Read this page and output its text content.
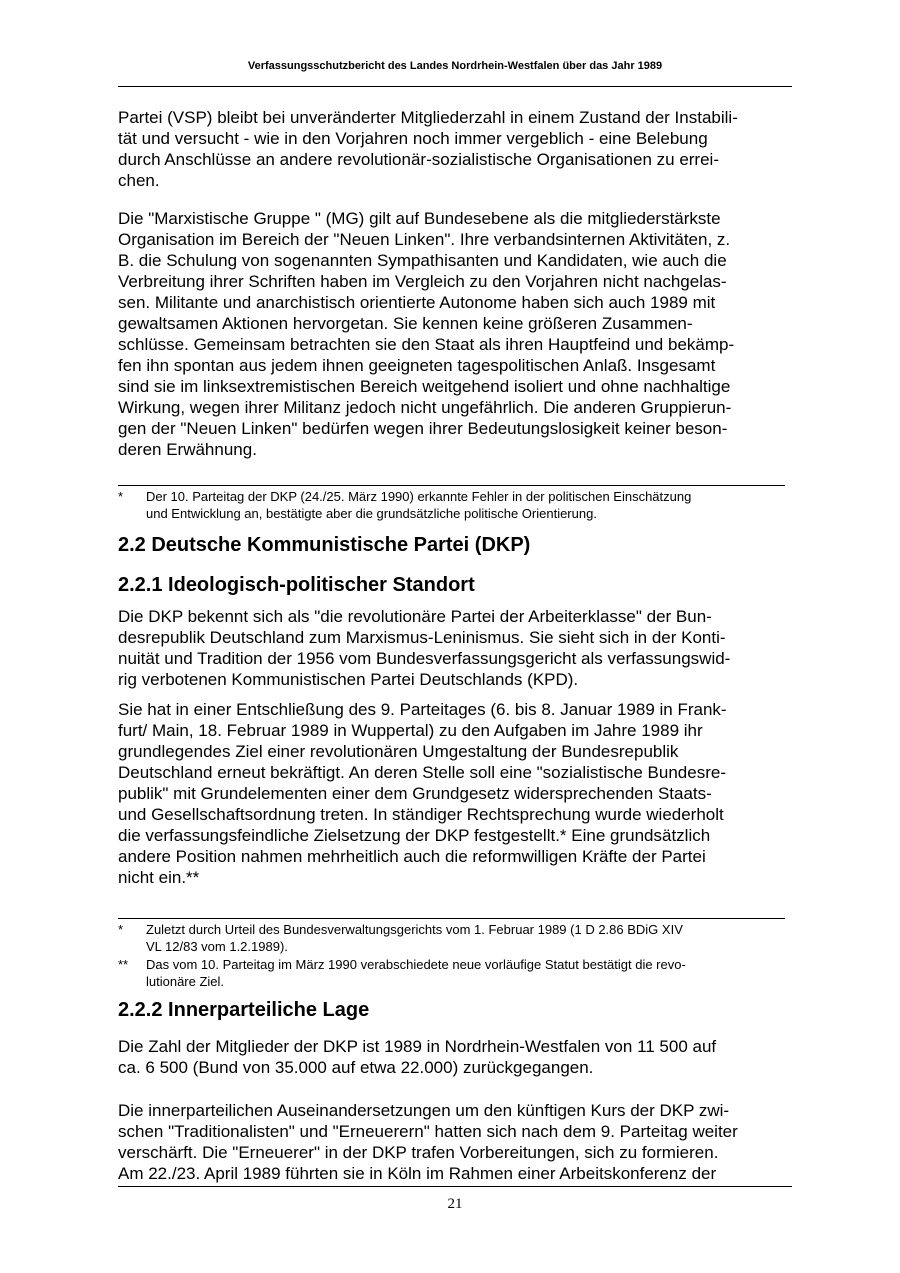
Verfassungsschutzbericht des Landes Nordrhein-Westfalen über das Jahr 1989
Partei (VSP) bleibt bei unveränderter Mitgliederzahl in einem Zustand der Instabili-
tät und versucht - wie in den Vorjahren noch immer vergeblich - eine Belebung
durch Anschlüsse an andere revolutionär-sozialistische Organisationen zu errei-
chen.
Die "Marxistische Gruppe " (MG) gilt auf Bundesebene als die mitgliederstärkste
Organisation im Bereich der "Neuen Linken". Ihre verbandsinternen Aktivitäten, z.
B. die Schulung von sogenannten Sympathisanten und Kandidaten, wie auch die
Verbreitung ihrer Schriften haben im Vergleich zu den Vorjahren nicht nachgelas-
sen. Militante und anarchistisch orientierte Autonome haben sich auch 1989 mit
gewaltsamen Aktionen hervorgetan. Sie kennen keine größeren Zusammen-
schlüsse. Gemeinsam betrachten sie den Staat als ihren Hauptfeind und bekämp-
fen ihn spontan aus jedem ihnen geeigneten tagespolitischen Anlaß. Insgesamt
sind sie im linksextremistischen Bereich weitgehend isoliert und ohne nachhaltige
Wirkung, wegen ihrer Militanz jedoch nicht ungefährlich. Die anderen Gruppierun-
gen der "Neuen Linken" bedürfen wegen ihrer Bedeutungslosigkeit keiner beson-
deren Erwähnung.
* Der 10. Parteitag der DKP (24./25. März 1990) erkannte Fehler in der politischen Einschätzung
und Entwicklung an, bestätigte aber die grundsätzliche politische Orientierung.
2.2 Deutsche Kommunistische Partei (DKP)
2.2.1 Ideologisch-politischer Standort
Die DKP bekennt sich als "die revolutionäre Partei der Arbeiterklasse" der Bun-
desrepublik Deutschland zum Marxismus-Leninismus. Sie sieht sich in der Konti-
nuität und Tradition der 1956 vom Bundesverfassungsgericht als verfassungswid-
rig verbotenen Kommunistischen Partei Deutschlands (KPD).
Sie hat in einer Entschließung des 9. Parteitages (6. bis 8. Januar 1989 in Frank-
furt/ Main, 18. Februar 1989 in Wuppertal) zu den Aufgaben im Jahre 1989 ihr
grundlegendes Ziel einer revolutionären Umgestaltung der Bundesrepublik
Deutschland erneut bekräftigt. An deren Stelle soll eine "sozialistische Bundesre-
publik" mit Grundelementen einer dem Grundgesetz widersprechenden Staats-
und Gesellschaftsordnung treten. In ständiger Rechtsprechung wurde wiederholt
die verfassungsfeindliche Zielsetzung der DKP festgestellt.* Eine grundsätzlich
andere Position nahmen mehrheitlich auch die reformwilligen Kräfte der Partei
nicht ein.**
* Zuletzt durch Urteil des Bundesverwaltungsgerichts vom 1. Februar 1989 (1 D 2.86 BDiG XIV
VL 12/83 vom 1.2.1989).
** Das vom 10. Parteitag im März 1990 verabschiedete neue vorläufige Statut bestätigt die revo-
lutionäre Ziel.
2.2.2 Innerparteiliche Lage
Die Zahl der Mitglieder der DKP ist 1989 in Nordrhein-Westfalen von 11 500 auf
ca. 6 500 (Bund von 35.000 auf etwa 22.000) zurückgegangen.
Die innerparteilichen Auseinandersetzungen um den künftigen Kurs der DKP zwi-
schen "Traditionalisten" und "Erneuerern" hatten sich nach dem 9. Parteitag weiter
verschärft. Die "Erneuerer" in der DKP trafen Vorbereitungen, sich zu formieren.
Am 22./23. April 1989 führten sie in Köln im Rahmen einer Arbeitskonferenz der
21
